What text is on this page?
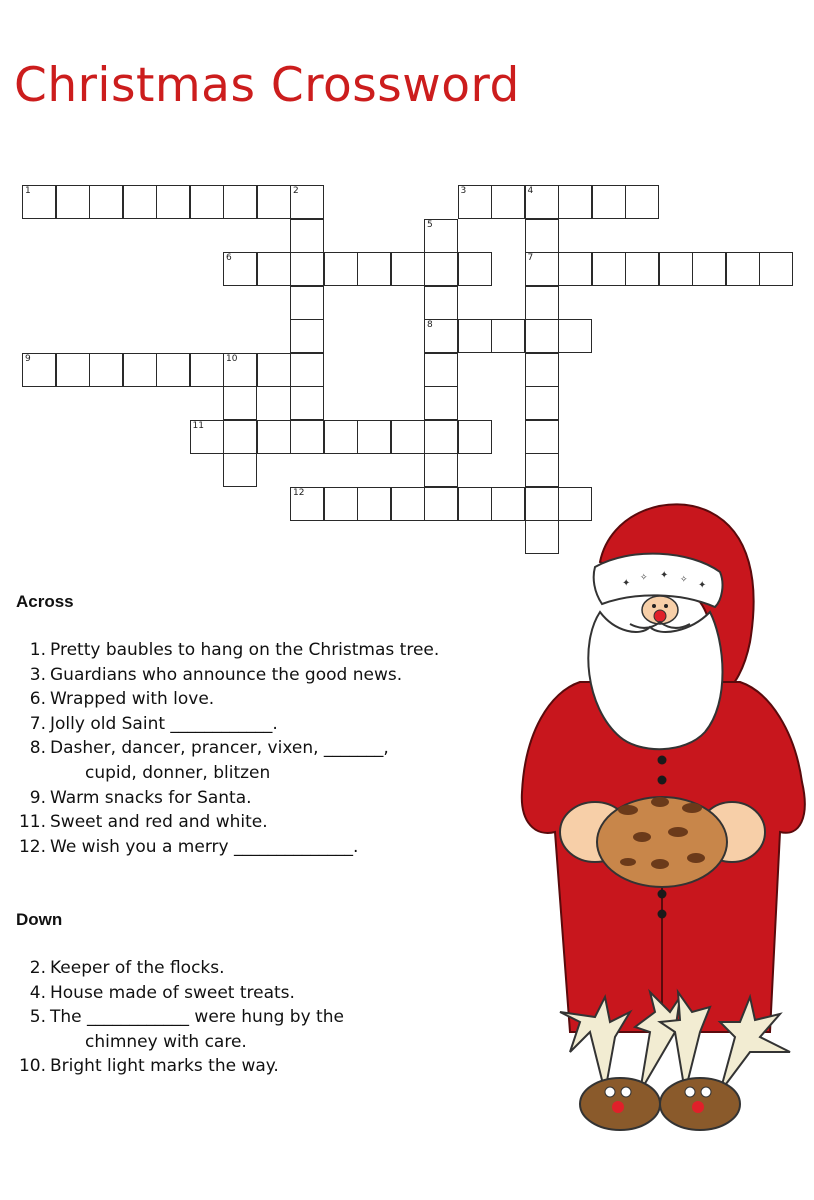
Christmas Crossword
1	2	3	4
7
5
8
6
9	10
11
12
Across
1. Pretty baubles to hang on the Christmas tree.
3. Guardians who announce the good news.
6. Wrapped with love.
7. Jolly old Saint ____________.
8. Dasher, dancer, prancer, vixen, _______,
cupid, donner, blitzen
9. Warm snacks for Santa.
11. Sweet and red and white.
12. We wish you a merry ______________.
Down
2. Keeper of the flocks.
4. House made of sweet treats.
5. The ____________ were hung by the
chimney with care.
10. Bright light marks the way.
✦ ✧ ✦ ✧ ✦
